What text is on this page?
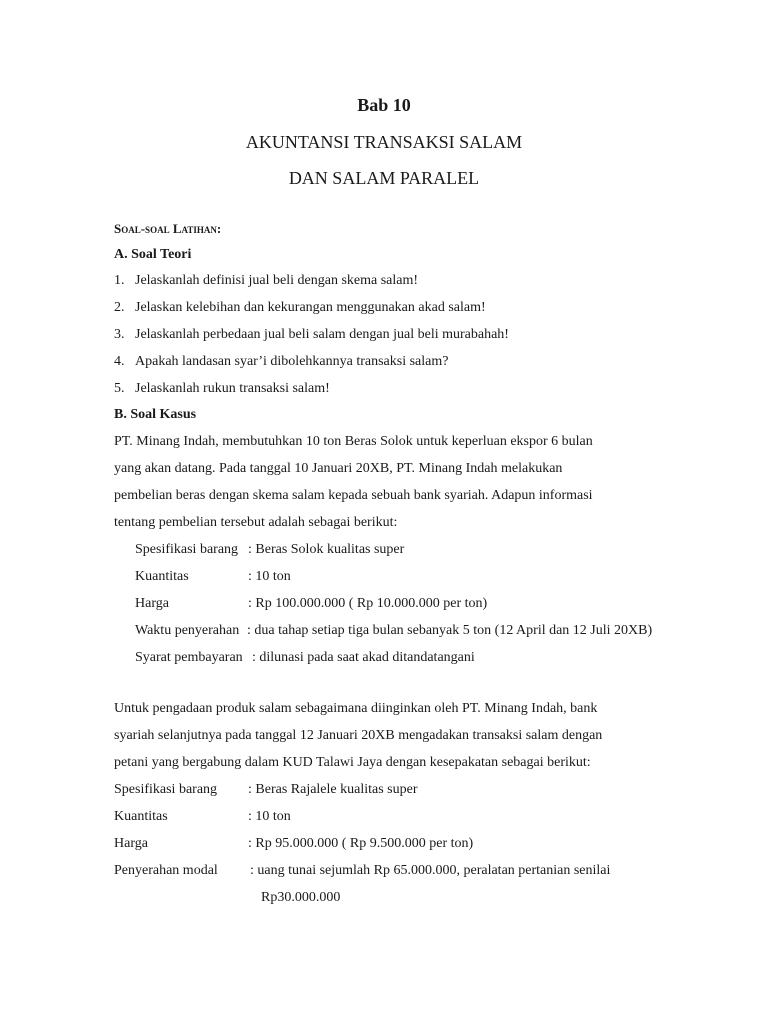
Bab 10
AKUNTANSI TRANSAKSI SALAM
DAN SALAM PARALEL
Soal-soal Latihan:
A. Soal Teori
1. Jelaskanlah definisi jual beli dengan skema salam!
2. Jelaskan kelebihan dan kekurangan menggunakan akad salam!
3. Jelaskanlah perbedaan jual beli salam dengan jual beli murabahah!
4. Apakah landasan syar’i dibolehkannya transaksi salam?
5. Jelaskanlah rukun transaksi salam!
B. Soal Kasus
PT. Minang Indah, membutuhkan 10 ton Beras Solok untuk keperluan ekspor 6 bulan
yang akan datang. Pada tanggal 10 Januari 20XB, PT. Minang Indah melakukan
pembelian beras dengan skema salam kepada sebuah bank syariah. Adapun informasi
tentang pembelian tersebut adalah sebagai berikut:
Spesifikasi barang : Beras Solok kualitas super
Kuantitas	: 10 ton
Harga	: Rp 100.000.000 ( Rp 10.000.000 per ton)
Waktu penyerahan : dua tahap setiap tiga bulan sebanyak 5 ton (12 April dan 12 Juli 20XB)
Syarat pembayaran : dilunasi pada saat akad ditandatangani
Untuk pengadaan produk salam sebagaimana diinginkan oleh PT. Minang Indah, bank
syariah selanjutnya pada tanggal 12 Januari 20XB mengadakan transaksi salam dengan
petani yang bergabung dalam KUD Talawi Jaya dengan kesepakatan sebagai berikut:
Spesifikasi barang : Beras Rajalele kualitas super
Kuantitas	: 10 ton
Harga	: Rp 95.000.000 ( Rp 9.500.000 per ton)
Penyerahan modal : uang tunai sejumlah Rp 65.000.000, peralatan pertanian senilai
Rp30.000.000
